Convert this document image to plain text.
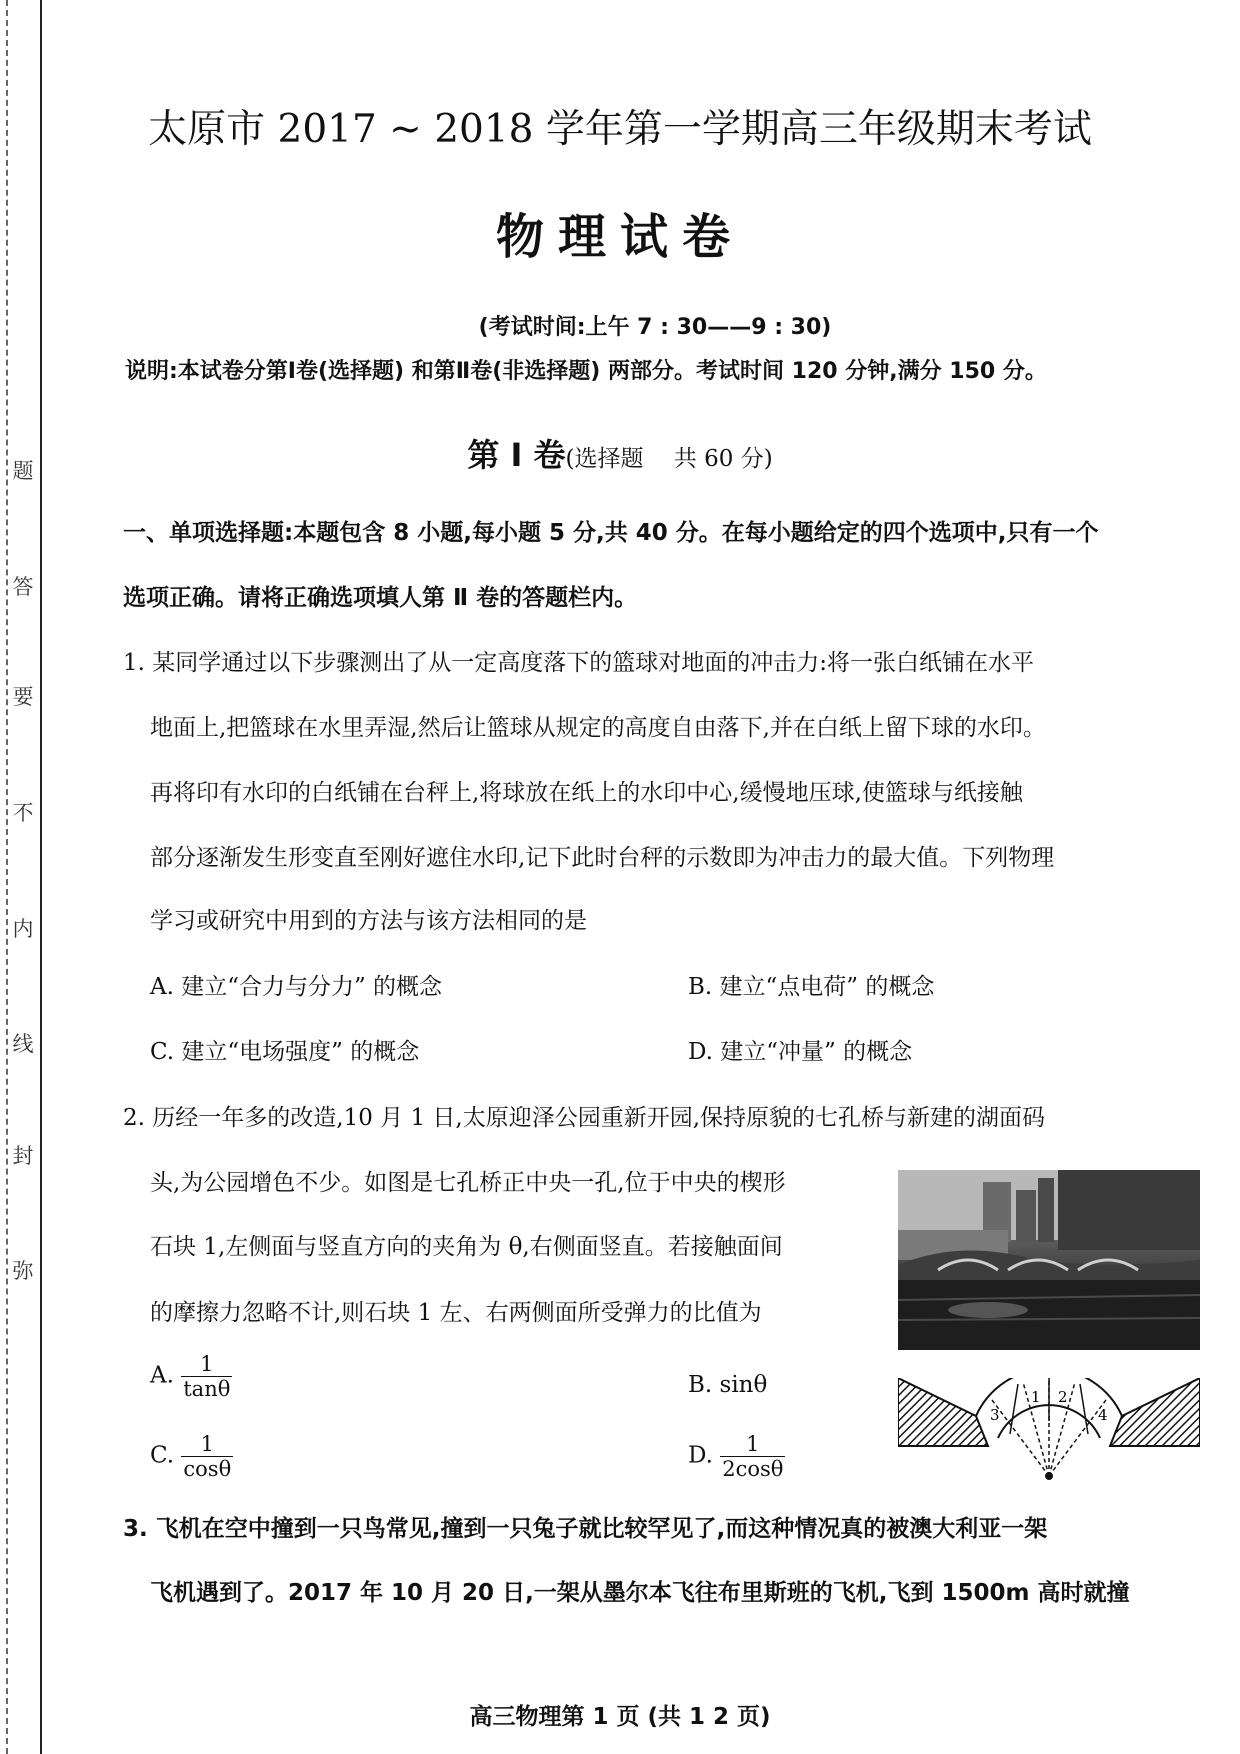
弥
封
线
内
不
要
答
题
太原市 2017 ~ 2018 学年第一学期高三年级期末考试
物理试卷
(考试时间:上午 7 : 30——9 : 30)
说明:本试卷分第Ⅰ卷(选择题) 和第Ⅱ卷(非选择题) 两部分。考试时间 120 分钟,满分 150 分。
第 Ⅰ 卷(选择题　 共 60 分)
一、单项选择题:本题包含 8 小题,每小题 5 分,共 40 分。在每小题给定的四个选项中,只有一个
选项正确。请将正确选项填人第 Ⅱ 卷的答题栏内。
1. 某同学通过以下步骤测出了从一定高度落下的篮球对地面的冲击力:将一张白纸铺在水平
地面上,把篮球在水里弄湿,然后让篮球从规定的高度自由落下,并在白纸上留下球的水印。
再将印有水印的白纸铺在台秤上,将球放在纸上的水印中心,缓慢地压球,使篮球与纸接触
部分逐渐发生形变直至刚好遮住水印,记下此时台秤的示数即为冲击力的最大值。下列物理
学习或研究中用到的方法与该方法相同的是
A. 建立“合力与分力” 的概念	B. 建立“点电荷” 的概念
C. 建立“电场强度” 的概念	D. 建立“冲量” 的概念
2. 历经一年多的改造,10 月 1 日,太原迎泽公园重新开园,保持原貌的七孔桥与新建的湖面码
头,为公园增色不少。如图是七孔桥正中央一孔,位于中央的楔形
石块 1,左侧面与竖直方向的夹角为 θ,右侧面竖直。若接触面间
的摩擦力忽略不计,则石块 1 左、右两侧面所受弹力的比值为
A. $\frac{1}{\tan\theta}$	B. sinθ
C. $\frac{1}{\cos\theta}$	D. $\frac{1}{2\cos\theta}$
3
1 2
4
3. 飞机在空中撞到一只鸟常见,撞到一只兔子就比较罕见了,而这种情况真的被澳大利亚一架
飞机遇到了。2017 年 10 月 20 日,一架从墨尔本飞往布里斯班的飞机,飞到 1500m 高时就撞
高三物理第 1 页 (共 1 2 页)
